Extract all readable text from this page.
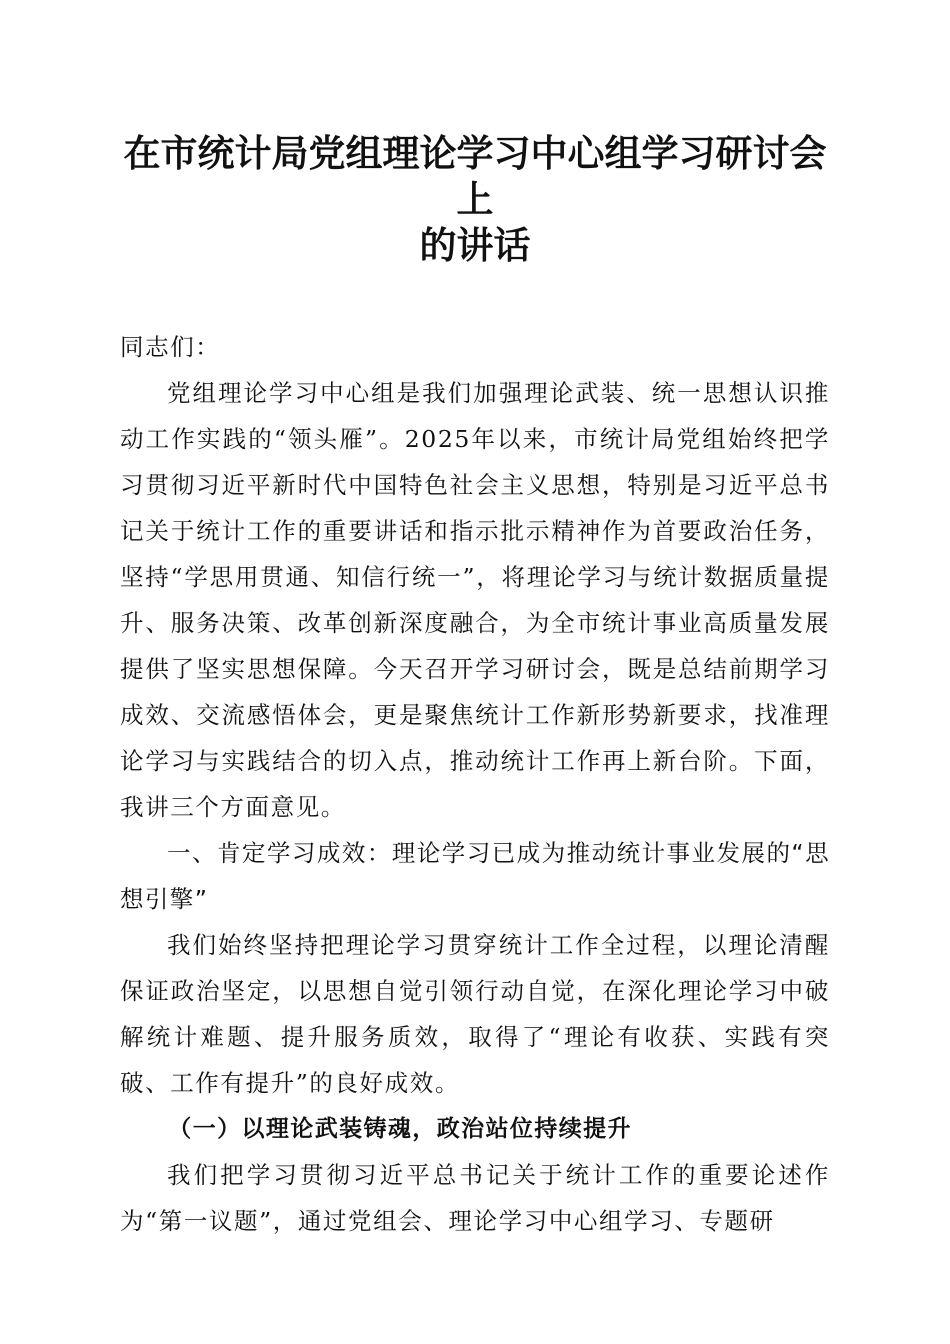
在市统计局党组理论学习中心组学习研讨会上
的讲话

同志们：

党组理论学习中心组是我们加强理论武装、统一思想认识推动工作实践的“领头雁”。2025年以来，市统计局党组始终把学习贯彻习近平新时代中国特色社会主义思想，特别是习近平总书记关于统计工作的重要讲话和指示批示精神作为首要政治任务，坚持“学思用贯通、知信行统一”，将理论学习与统计数据质量提升、服务决策、改革创新深度融合，为全市统计事业高质量发展提供了坚实思想保障。今天召开学习研讨会，既是总结前期学习成效、交流感悟体会，更是聚焦统计工作新形势新要求，找准理论学习与实践结合的切入点，推动统计工作再上新台阶。下面，我讲三个方面意见。

一、肯定学习成效：理论学习已成为推动统计事业发展的“思想引擎”

我们始终坚持把理论学习贯穿统计工作全过程，以理论清醒保证政治坚定，以思想自觉引领行动自觉，在深化理论学习中破解统计难题、提升服务质效，取得了“理论有收获、实践有突破、工作有提升”的良好成效。

（一）以理论武装铸魂，政治站位持续提升

我们把学习贯彻习近平总书记关于统计工作的重要论述作为“第一议题”，通过党组会、理论学习中心组学习、专题研
